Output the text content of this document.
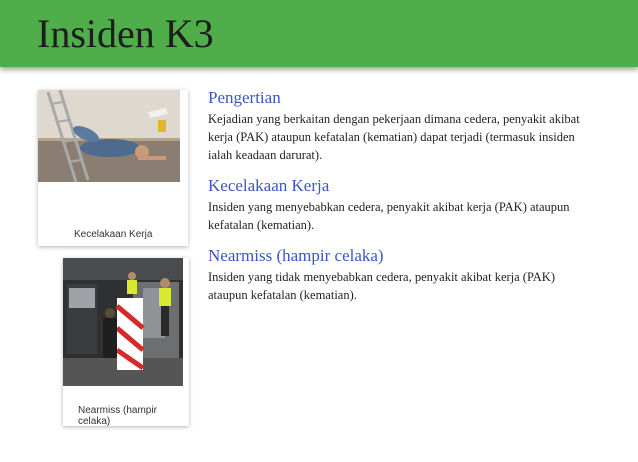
Insiden K3
Kecelakaan Kerja
Nearmiss (hampir celaka)

Pengertian

Kejadian yang berkaitan dengan pekerjaan dimana cedera, penyakit akibat kerja (PAK) ataupun kefatalan (kematian) dapat terjadi (termasuk insiden ialah keadaan darurat).

Kecelakaan Kerja

Insiden yang menyebabkan cedera, penyakit akibat kerja (PAK) ataupun kefatalan (kematian).

Nearmiss (hampir celaka)

Insiden yang tidak menyebabkan cedera, penyakit akibat kerja (PAK) ataupun kefatalan (kematian).
